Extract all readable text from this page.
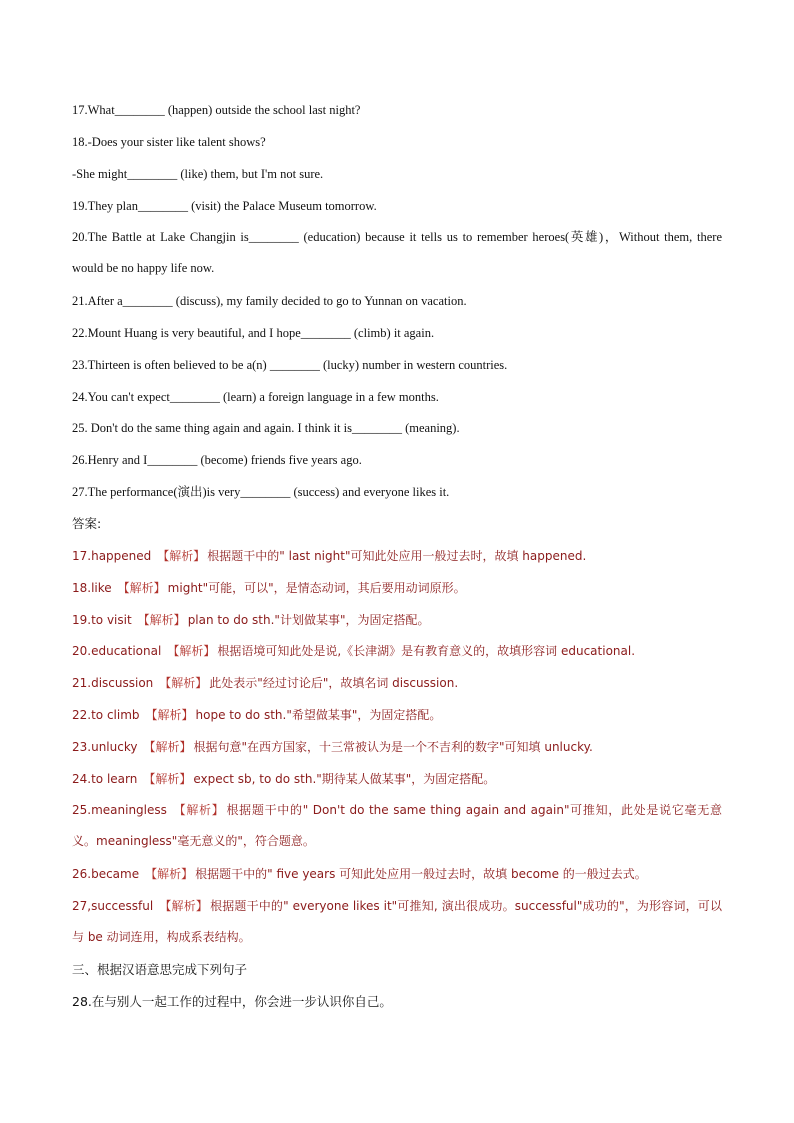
17.What________ (happen) outside the school last night?
18.-Does your sister like talent shows?
-She might________ (like) them, but I'm not sure.
19.They plan________ (visit) the Palace Museum tomorrow.
20.The Battle at Lake Changjin is________ (education) because it tells us to remember heroes(英雄)，Without them, there would be no happy life now.
21.After a________ (discuss), my family decided to go to Yunnan on vacation.
22.Mount Huang is very beautiful, and I hope________ (climb) it again.
23.Thirteen is often believed to be a(n) ________ (lucky) number in western countries.
24.You can't expect________ (learn) a foreign language in a few months.
25. Don't do the same thing again and again. I think it is________ (meaning).
26.Henry and I________ (become) friends five years ago.
27.The performance(演出)is very________ (success) and everyone likes it.
答案:
17.happened 【解析】 根据题干中的" last night"可知此处应用一般过去时，故填 happened.
18.like 【解析】 might"可能，可以"，是情态动词，其后要用动词原形。
19.to visit 【解析】 plan to do sth."计划做某事"，为固定搭配。
20.educational 【解析】 根据语境可知此处是说,《长津湖》是有教育意义的，故填形容词 educational.
21.discussion 【解析】 此处表示"经过讨论后"，故填名词 discussion.
22.to climb 【解析】 hope to do sth."希望做某事"，为固定搭配。
23.unlucky 【解析】 根据句意"在西方国家，十三常被认为是一个不吉利的数字"可知填 unlucky.
24.to learn 【解析】 expect sb, to do sth."期待某人做某事"，为固定搭配。
25.meaningless 【解析】 根据题干中的" Don't do the same thing again and again"可推知，此处是说它毫无意义。meaningless"毫无意义的"，符合题意。
26.became 【解析】 根据题干中的" five years 可知此处应用一般过去时，故填 become 的一般过去式。
27,successful 【解析】 根据题干中的" everyone likes it"可推知, 演出很成功。successful"成功的"，为形容词，可以与 be 动词连用，构成系表结构。
三、根据汉语意思完成下列句子
28.在与别人一起工作的过程中，你会进一步认识你自己。
